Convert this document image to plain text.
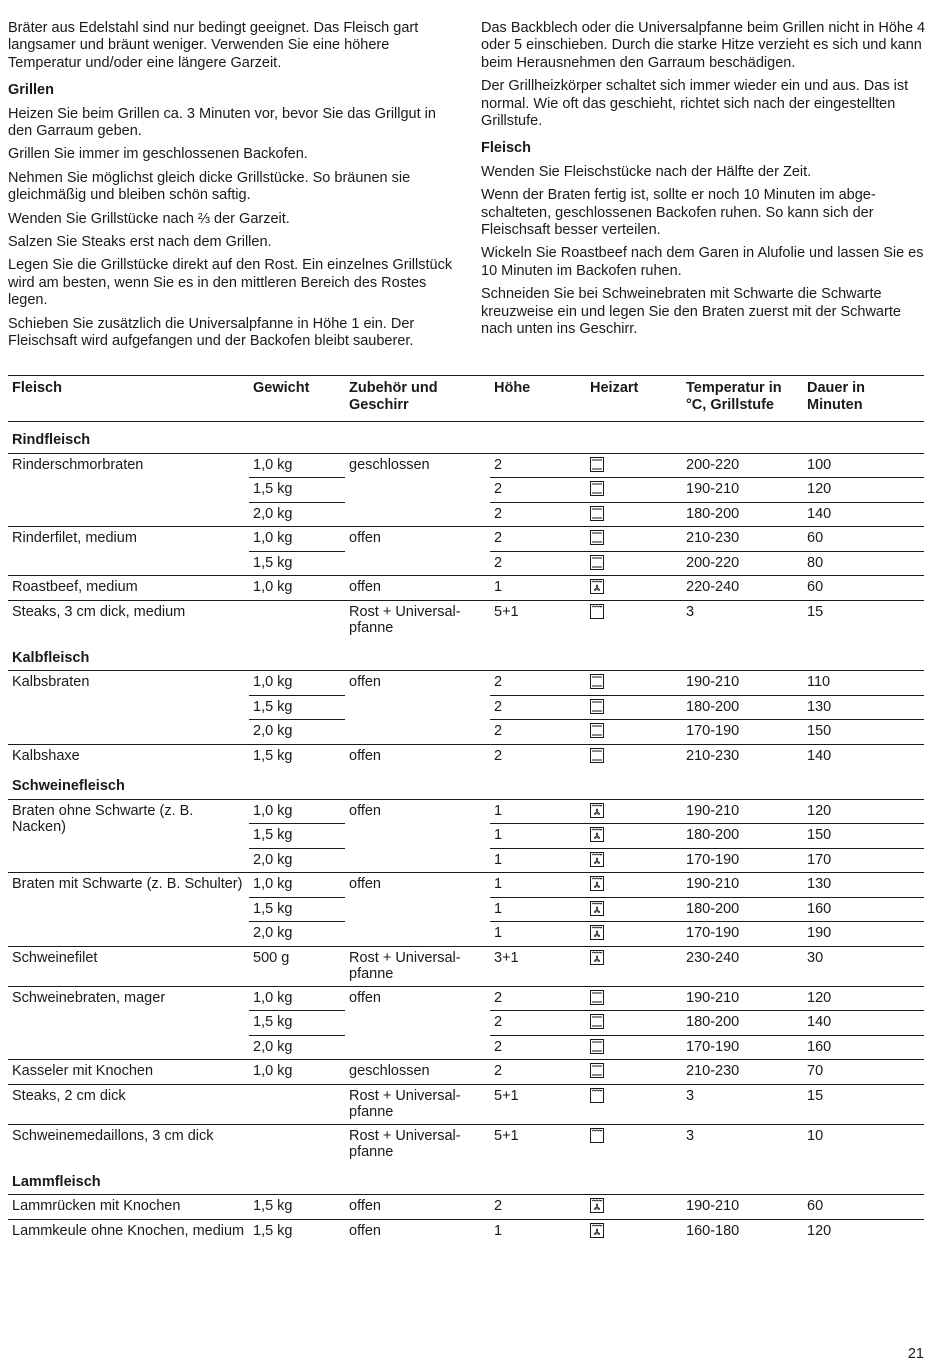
Bräter aus Edelstahl sind nur bedingt geeignet. Das Fleisch gart langsamer und bräunt weniger. Verwenden Sie eine höhere Temperatur und/oder eine längere Garzeit.

Grillen

Heizen Sie beim Grillen ca. 3 Minuten vor, bevor Sie das Grillgut in den Garraum geben.

Grillen Sie immer im geschlossenen Backofen.

Nehmen Sie möglichst gleich dicke Grillstücke. So bräunen sie gleichmäßig und bleiben schön saftig.

Wenden Sie Grillstücke nach ⅔ der Garzeit.

Salzen Sie Steaks erst nach dem Grillen.

Legen Sie die Grillstücke direkt auf den Rost. Ein einzelnes Grillstück wird am besten, wenn Sie es in den mittleren Bereich des Rostes legen.

Schieben Sie zusätzlich die Universalpfanne in Höhe 1 ein. Der Fleischsaft wird aufgefangen und der Backofen bleibt sauberer.

Das Backblech oder die Universalpfanne beim Grillen nicht in Höhe 4 oder 5 einschieben. Durch die starke Hitze verzieht es sich und kann beim Herausnehmen den Garraum beschädigen.

Der Grillheizkörper schaltet sich immer wieder ein und aus. Das ist normal. Wie oft das geschieht, richtet sich nach der eingestellten Grillstufe.

Fleisch

Wenden Sie Fleischstücke nach der Hälfte der Zeit.

Wenn der Braten fertig ist, sollte er noch 10 Minuten im abgeschalteten, geschlossenen Backofen ruhen. So kann sich der Fleischsaft besser verteilen.

Wickeln Sie Roastbeef nach dem Garen in Alufolie und lassen Sie es 10 Minuten im Backofen ruhen.

Schneiden Sie bei Schweinebraten mit Schwarte die Schwarte kreuzweise ein und legen Sie den Braten zuerst mit der Schwarte nach unten ins Geschirr.

Fleisch	Gewicht	Zubehör und Geschirr	Höhe	Heizart	Temperatur in °C, Grillstufe	Dauer in Minuten
Rindfleisch						
Rinderschmorbraten	1,0 kg	geschlossen	2		200-220	100
	1,5 kg		2		190-210	120
	2,0 kg		2		180-200	140
Rinderfilet, medium	1,0 kg	offen	2		210-230	60
	1,5 kg		2		200-220	80
Roastbeef, medium	1,0 kg	offen	1		220-240	60
Steaks, 3 cm dick, medium		Rost + Universalpfanne	5+1		3	15
Kalbfleisch						
Kalbsbraten	1,0 kg	offen	2		190-210	110
	1,5 kg		2		180-200	130
	2,0 kg		2		170-190	150
Kalbshaxe	1,5 kg	offen	2		210-230	140
Schweinefleisch						
Braten ohne Schwarte (z. B. Nacken)	1,0 kg	offen	1		190-210	120
	1,5 kg		1		180-200	150
	2,0 kg		1		170-190	170
Braten mit Schwarte (z. B. Schulter)	1,0 kg	offen	1		190-210	130
	1,5 kg		1		180-200	160
	2,0 kg		1		170-190	190
Schweinefilet	500 g	Rost + Universalpfanne	3+1		230-240	30
Schweinebraten, mager	1,0 kg	offen	2		190-210	120
	1,5 kg		2		180-200	140
	2,0 kg		2		170-190	160
Kasseler mit Knochen	1,0 kg	geschlossen	2		210-230	70
Steaks, 2 cm dick		Rost + Universalpfanne	5+1		3	15
Schweinemedaillons, 3 cm dick		Rost + Universalpfanne	5+1		3	10
Lammfleisch						
Lammrücken mit Knochen	1,5 kg	offen	2		190-210	60
Lammkeule ohne Knochen, medium	1,5 kg	offen	1		160-180	120
21
